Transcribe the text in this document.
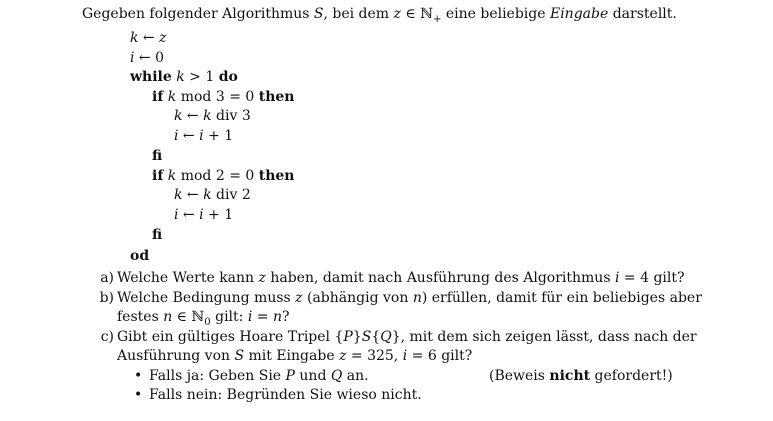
Gegeben folgender Algorithmus S, bei dem z ∈ ℕ$_+$ eine beliebige Eingabe darstellt.
k ← z
i ← 0
while k > 1 do
if k mod 3 = 0 then
k ← k div 3
i ← i + 1
fi
if k mod 2 = 0 then
k ← k div 2
i ← i + 1
fi
od
a) Welche Werte kann z haben, damit nach Ausführung des Algorithmus i = 4 gilt?
b) Welche Bedingung muss z (abhängig von n) erfüllen, damit für ein beliebiges aber
festes n ∈ ℕ$_0$ gilt: i = n?
c) Gibt ein gültiges Hoare Tripel {P}S{Q}, mit dem sich zeigen lässt, dass nach der
Ausführung von S mit Eingabe z = 325, i = 6 gilt?
• Falls ja: Geben Sie P und Q an.	(Beweis nicht gefordert!)
• Falls nein: Begründen Sie wieso nicht.
